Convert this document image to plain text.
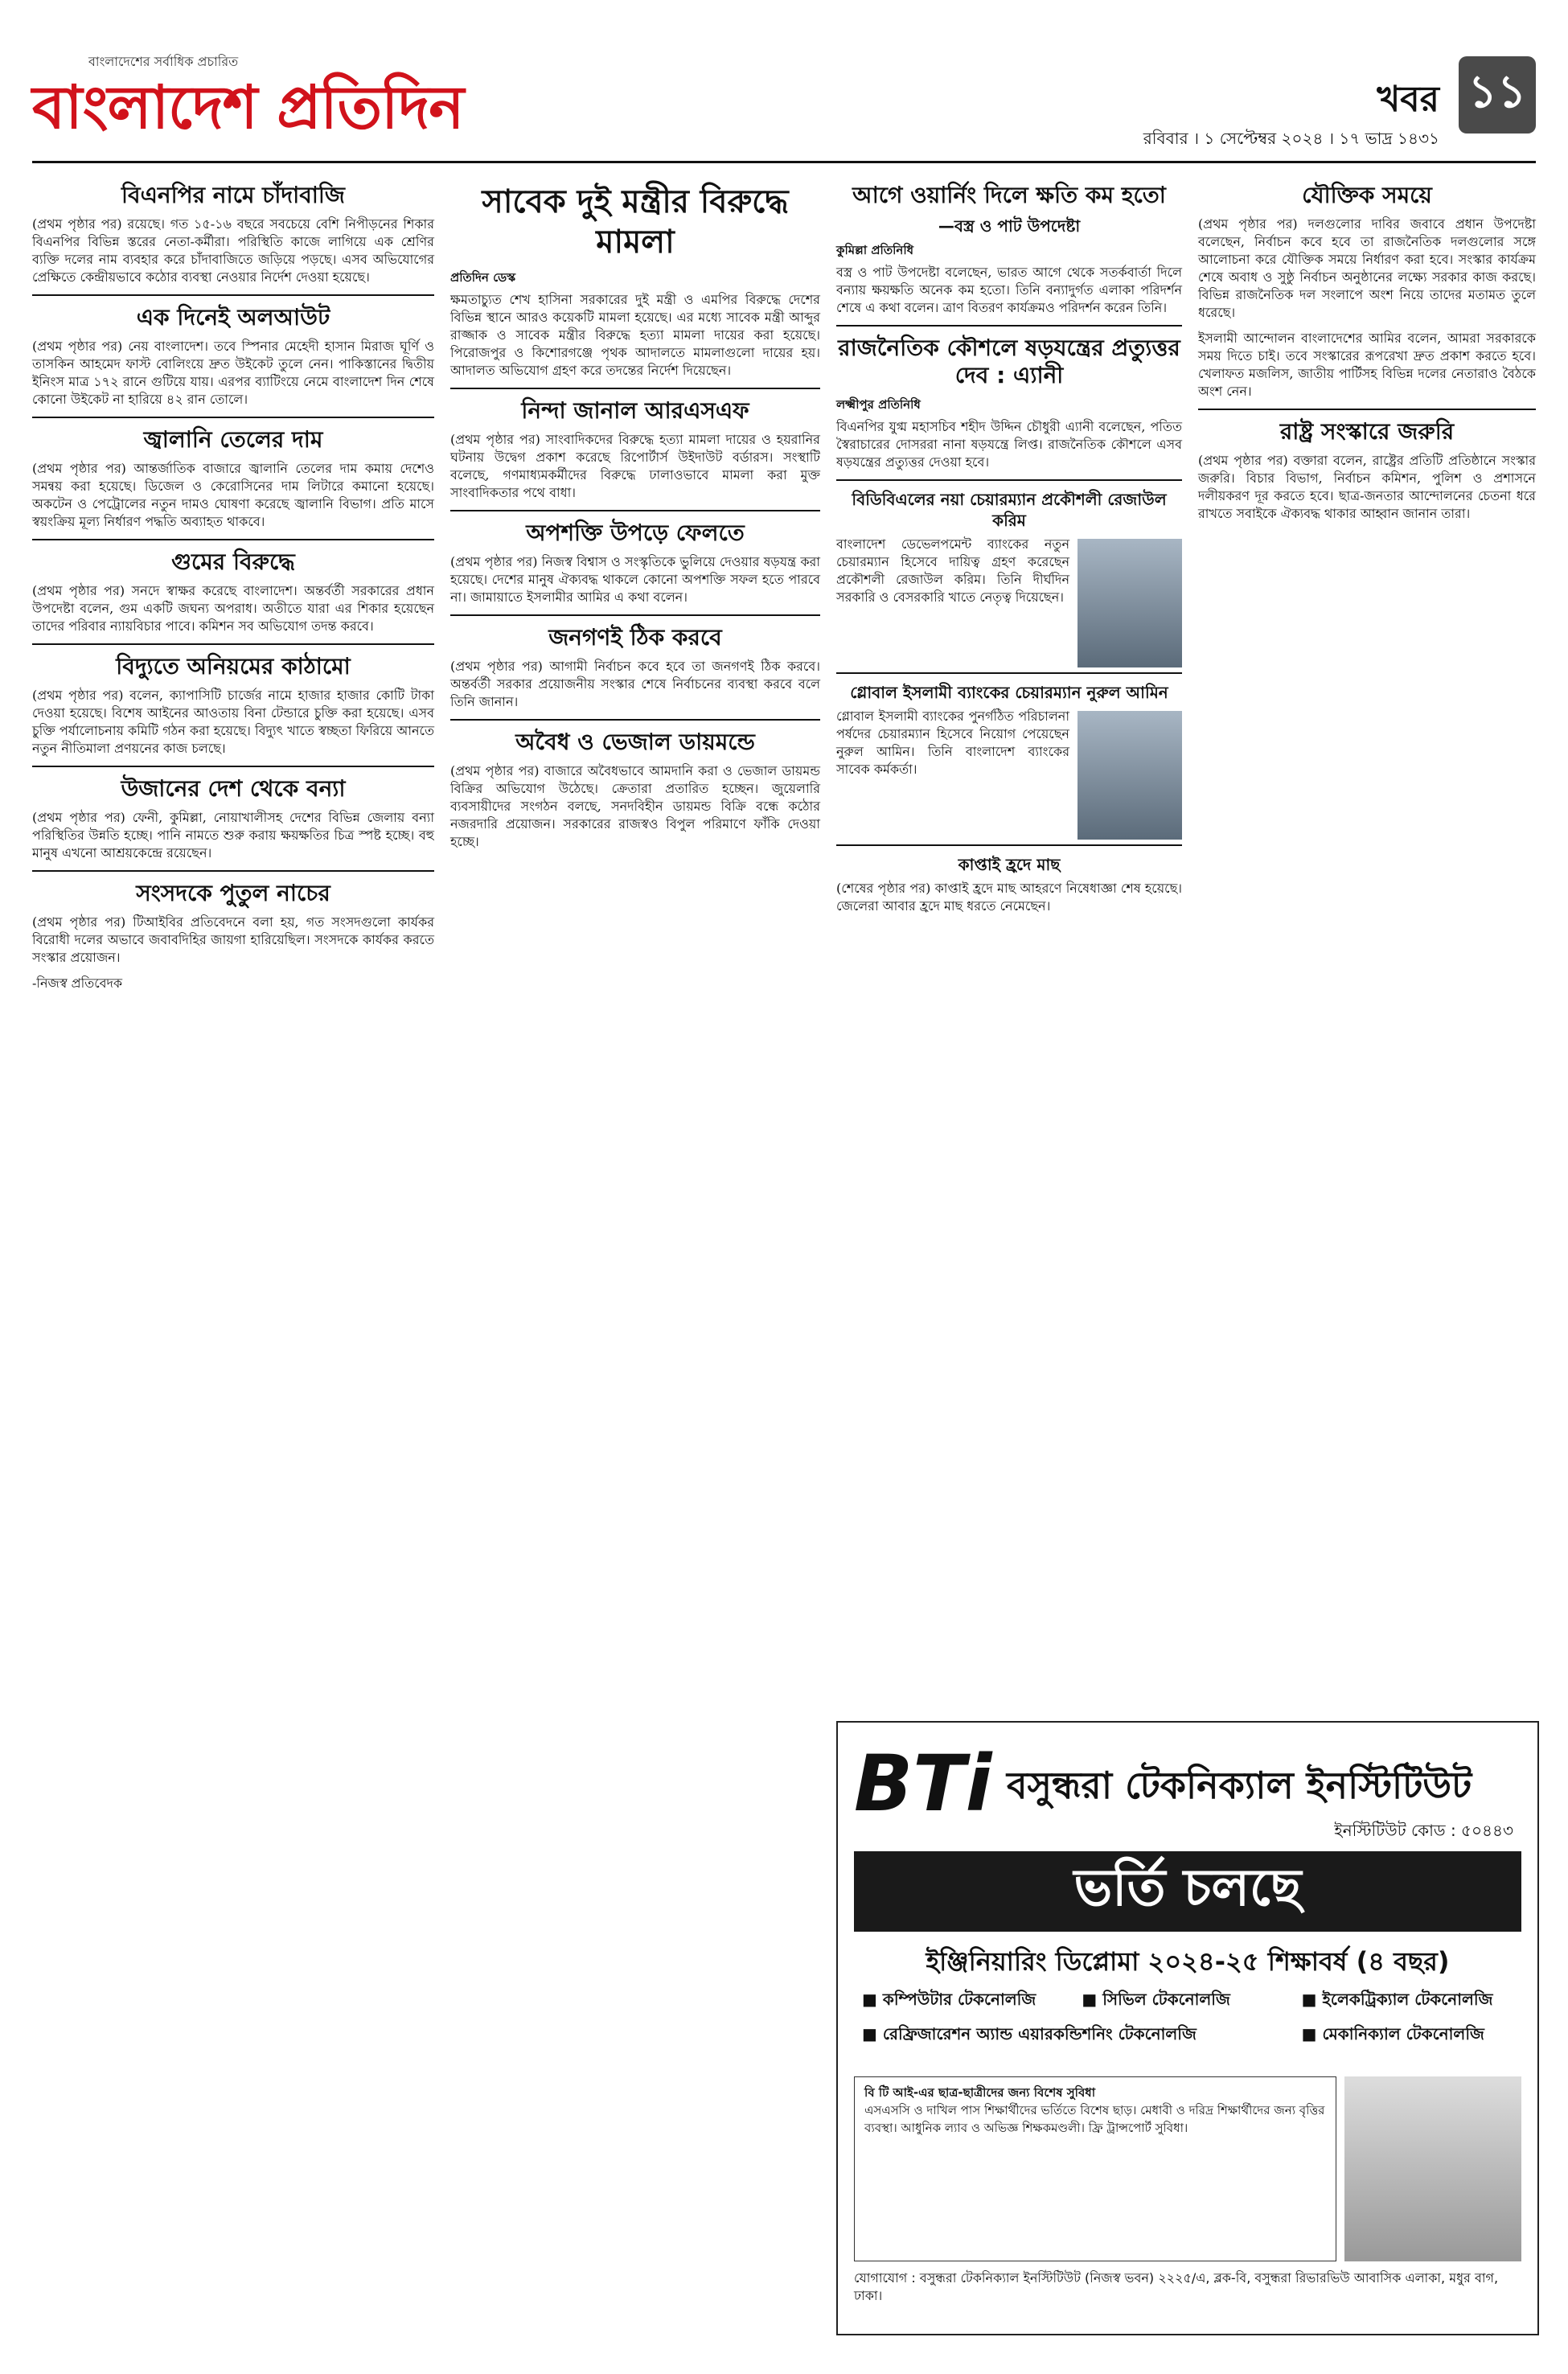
বাংলাদেশের সর্বাধিক প্রচারিত
বাংলাদেশ প্রতিদিন	খবর ১১
রবিবার । ১ সেপ্টেম্বর ২০২৪ । ১৭ ভাদ্র ১৪৩১
বিএনপির নামে চাঁদাবাজি

(প্রথম পৃষ্ঠার পর) রয়েছে। গত ১৫-১৬ বছরে সবচেয়ে বেশি নিপীড়নের শিকার বিএনপির বিভিন্ন স্তরের নেতা-কর্মীরা। পরিস্থিতি কাজে লাগিয়ে এক শ্রেণির ব্যক্তি দলের নাম ব্যবহার করে চাঁদাবাজিতে জড়িয়ে পড়ছে। এসব অভিযোগের প্রেক্ষিতে কেন্দ্রীয়ভাবে কঠোর ব্যবস্থা নেওয়ার নির্দেশ দেওয়া হয়েছে।

এক দিনেই অলআউট

(প্রথম পৃষ্ঠার পর) নেয় বাংলাদেশ। তবে স্পিনার মেহেদী হাসান মিরাজ ঘূর্ণি ও তাসকিন আহমেদ ফাস্ট বোলিংয়ে দ্রুত উইকেট তুলে নেন। পাকিস্তানের দ্বিতীয় ইনিংস মাত্র ১৭২ রানে গুটিয়ে যায়। এরপর ব্যাটিংয়ে নেমে বাংলাদেশ দিন শেষে কোনো উইকেট না হারিয়ে ৪২ রান তোলে।

জ্বালানি তেলের দাম

(প্রথম পৃষ্ঠার পর) আন্তর্জাতিক বাজারে জ্বালানি তেলের দাম কমায় দেশেও সমন্বয় করা হয়েছে। ডিজেল ও কেরোসিনের দাম লিটারে কমানো হয়েছে। অকটেন ও পেট্রোলের নতুন দামও ঘোষণা করেছে জ্বালানি বিভাগ। প্রতি মাসে স্বয়ংক্রিয় মূল্য নির্ধারণ পদ্ধতি অব্যাহত থাকবে।

গুমের বিরুদ্ধে

(প্রথম পৃষ্ঠার পর) সনদে স্বাক্ষর করেছে বাংলাদেশ। অন্তর্বর্তী সরকারের প্রধান উপদেষ্টা বলেন, গুম একটি জঘন্য অপরাধ। অতীতে যারা এর শিকার হয়েছেন তাদের পরিবার ন্যায়বিচার পাবে। কমিশন সব অভিযোগ তদন্ত করবে।

বিদ্যুতে অনিয়মের কাঠামো

(প্রথম পৃষ্ঠার পর) বলেন, ক্যাপাসিটি চার্জের নামে হাজার হাজার কোটি টাকা দেওয়া হয়েছে। বিশেষ আইনের আওতায় বিনা টেন্ডারে চুক্তি করা হয়েছে। এসব চুক্তি পর্যালোচনায় কমিটি গঠন করা হয়েছে। বিদ্যুৎ খাতে স্বচ্ছতা ফিরিয়ে আনতে নতুন নীতিমালা প্রণয়নের কাজ চলছে।

উজানের দেশ থেকে বন্যা

(প্রথম পৃষ্ঠার পর) ফেনী, কুমিল্লা, নোয়াখালীসহ দেশের বিভিন্ন জেলায় বন্যা পরিস্থিতির উন্নতি হচ্ছে। পানি নামতে শুরু করায় ক্ষয়ক্ষতির চিত্র স্পষ্ট হচ্ছে। বহু মানুষ এখনো আশ্রয়কেন্দ্রে রয়েছেন।

সংসদকে পুতুল নাচের

(প্রথম পৃষ্ঠার পর) টিআইবির প্রতিবেদনে বলা হয়, গত সংসদগুলো কার্যকর বিরোধী দলের অভাবে জবাবদিহির জায়গা হারিয়েছিল। সংসদকে কার্যকর করতে সংস্কার প্রয়োজন।

-নিজস্ব প্রতিবেদক

সাবেক দুই মন্ত্রীর বিরুদ্ধে মামলা
প্রতিদিন ডেস্ক

ক্ষমতাচ্যুত শেখ হাসিনা সরকারের দুই মন্ত্রী ও এমপির বিরুদ্ধে দেশের বিভিন্ন স্থানে আরও কয়েকটি মামলা হয়েছে। এর মধ্যে সাবেক মন্ত্রী আব্দুর রাজ্জাক ও সাবেক মন্ত্রীর বিরুদ্ধে হত্যা মামলা দায়ের করা হয়েছে। পিরোজপুর ও কিশোরগঞ্জে পৃথক আদালতে মামলাগুলো দায়ের হয়। আদালত অভিযোগ গ্রহণ করে তদন্তের নির্দেশ দিয়েছেন।

নিন্দা জানাল আরএসএফ

(প্রথম পৃষ্ঠার পর) সাংবাদিকদের বিরুদ্ধে হত্যা মামলা দায়ের ও হয়রানির ঘটনায় উদ্বেগ প্রকাশ করেছে রিপোর্টার্স উইদাউট বর্ডারস। সংস্থাটি বলেছে, গণমাধ্যমকর্মীদের বিরুদ্ধে ঢালাওভাবে মামলা করা মুক্ত সাংবাদিকতার পথে বাধা।

অপশক্তি উপড়ে ফেলতে

(প্রথম পৃষ্ঠার পর) নিজস্ব বিশ্বাস ও সংস্কৃতিকে ভুলিয়ে দেওয়ার ষড়যন্ত্র করা হয়েছে। দেশের মানুষ ঐক্যবদ্ধ থাকলে কোনো অপশক্তি সফল হতে পারবে না। জামায়াতে ইসলামীর আমির এ কথা বলেন।

জনগণই ঠিক করবে

(প্রথম পৃষ্ঠার পর) আগামী নির্বাচন কবে হবে তা জনগণই ঠিক করবে। অন্তর্বর্তী সরকার প্রয়োজনীয় সংস্কার শেষে নির্বাচনের ব্যবস্থা করবে বলে তিনি জানান।

অবৈধ ও ভেজাল ডায়মন্ডে

(প্রথম পৃষ্ঠার পর) বাজারে অবৈধভাবে আমদানি করা ও ভেজাল ডায়মন্ড বিক্রির অভিযোগ উঠেছে। ক্রেতারা প্রতারিত হচ্ছেন। জুয়েলারি ব্যবসায়ীদের সংগঠন বলছে, সনদবিহীন ডায়মন্ড বিক্রি বন্ধে কঠোর নজরদারি প্রয়োজন। সরকারের রাজস্বও বিপুল পরিমাণে ফাঁকি দেওয়া হচ্ছে।

আগে ওয়ার্নিং দিলে ক্ষতি কম হতো
—বস্ত্র ও পাট উপদেষ্টা
কুমিল্লা প্রতিনিধি

বস্ত্র ও পাট উপদেষ্টা বলেছেন, ভারত আগে থেকে সতর্কবার্তা দিলে বন্যায় ক্ষয়ক্ষতি অনেক কম হতো। তিনি বন্যাদুর্গত এলাকা পরিদর্শন শেষে এ কথা বলেন। ত্রাণ বিতরণ কার্যক্রমও পরিদর্শন করেন তিনি।

রাজনৈতিক কৌশলে ষড়যন্ত্রের প্রত্যুত্তর দেব : এ্যানী
লক্ষ্মীপুর প্রতিনিধি

বিএনপির যুগ্ম মহাসচিব শহীদ উদ্দিন চৌধুরী এ্যানী বলেছেন, পতিত স্বৈরাচারের দোসররা নানা ষড়যন্ত্রে লিপ্ত। রাজনৈতিক কৌশলে এসব ষড়যন্ত্রের প্রত্যুত্তর দেওয়া হবে।

বিডিবিএলের নয়া চেয়ারম্যান প্রকৌশলী রেজাউল করিম

বাংলাদেশ ডেভেলপমেন্ট ব্যাংকের নতুন চেয়ারম্যান হিসেবে দায়িত্ব গ্রহণ করেছেন প্রকৌশলী রেজাউল করিম। তিনি দীর্ঘদিন সরকারি ও বেসরকারি খাতে নেতৃত্ব দিয়েছেন।

গ্লোবাল ইসলামী ব্যাংকের চেয়ারম্যান নুরুল আমিন

গ্লোবাল ইসলামী ব্যাংকের পুনর্গঠিত পরিচালনা পর্ষদের চেয়ারম্যান হিসেবে নিয়োগ পেয়েছেন নুরুল আমিন। তিনি বাংলাদেশ ব্যাংকের সাবেক কর্মকর্তা।

কাপ্তাই হ্রদে মাছ

(শেষের পৃষ্ঠার পর) কাপ্তাই হ্রদে মাছ আহরণে নিষেধাজ্ঞা শেষ হয়েছে। জেলেরা আবার হ্রদে মাছ ধরতে নেমেছেন।

যৌক্তিক সময়ে

(প্রথম পৃষ্ঠার পর) দলগুলোর দাবির জবাবে প্রধান উপদেষ্টা বলেছেন, নির্বাচন কবে হবে তা রাজনৈতিক দলগুলোর সঙ্গে আলোচনা করে যৌক্তিক সময়ে নির্ধারণ করা হবে। সংস্কার কার্যক্রম শেষে অবাধ ও সুষ্ঠু নির্বাচন অনুষ্ঠানের লক্ষ্যে সরকার কাজ করছে। বিভিন্ন রাজনৈতিক দল সংলাপে অংশ নিয়ে তাদের মতামত তুলে ধরেছে।

ইসলামী আন্দোলন বাংলাদেশের আমির বলেন, আমরা সরকারকে সময় দিতে চাই। তবে সংস্কারের রূপরেখা দ্রুত প্রকাশ করতে হবে। খেলাফত মজলিস, জাতীয় পার্টিসহ বিভিন্ন দলের নেতারাও বৈঠকে অংশ নেন।

রাষ্ট্র সংস্কারে জরুরি

(প্রথম পৃষ্ঠার পর) বক্তারা বলেন, রাষ্ট্রের প্রতিটি প্রতিষ্ঠানে সংস্কার জরুরি। বিচার বিভাগ, নির্বাচন কমিশন, পুলিশ ও প্রশাসনে দলীয়করণ দূর করতে হবে। ছাত্র-জনতার আন্দোলনের চেতনা ধরে রাখতে সবাইকে ঐক্যবদ্ধ থাকার আহ্বান জানান তারা।

BTi বসুন্ধরা টেকনিক্যাল ইনস্টিটিউট
ইনস্টিটিউট কোড : ৫০৪৪৩
ভর্তি চলছে
ইঞ্জিনিয়ারিং ডিপ্লোমা ২০২৪-২৫ শিক্ষাবর্ষ (৪ বছর)
■ কম্পিউটার টেকনোলজি	■ সিভিল টেকনোলজি	■ ইলেকট্রিক্যাল টেকনোলজি
■ রেফ্রিজারেশন অ্যান্ড এয়ারকন্ডিশনিং টেকনোলজি	■ মেকানিক্যাল টেকনোলজি
বি টি আই-এর ছাত্র-ছাত্রীদের জন্য বিশেষ সুবিধা
এসএসসি ও দাখিল পাস শিক্ষার্থীদের ভর্তিতে বিশেষ ছাড়। মেধাবী ও দরিদ্র শিক্ষার্থীদের জন্য বৃত্তির ব্যবস্থা। আধুনিক ল্যাব ও অভিজ্ঞ শিক্ষকমণ্ডলী। ফ্রি ট্রান্সপোর্ট সুবিধা।
যোগাযোগ : বসুন্ধরা টেকনিক্যাল ইনস্টিটিউট (নিজস্ব ভবন) ২২২৫/এ, ব্লক-বি, বসুন্ধরা রিভারভিউ আবাসিক এলাকা, মধুর বাগ, ঢাকা।
